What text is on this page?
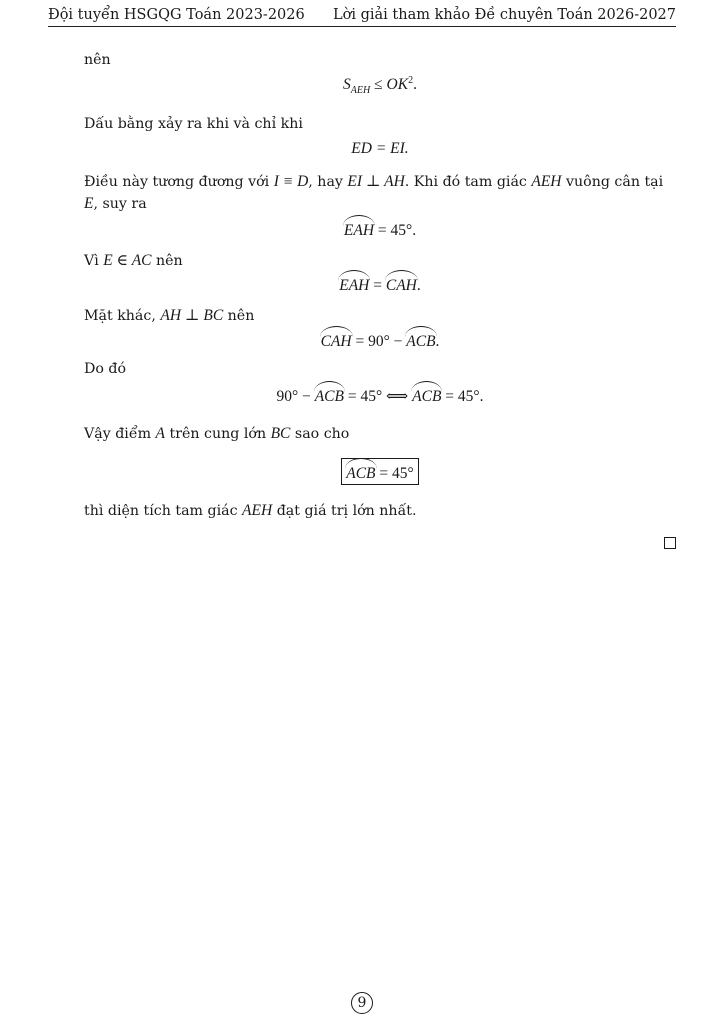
Đội tuyển HSGQG Toán 2023-2026 Lời giải tham khảo Đề chuyên Toán 2026-2027
nên
$S_{AEH} \le OK^2$.
Dấu bằng xảy ra khi và chỉ khi
ED = EI.
Điều này tương đương với I ≡ D, hay EI ⊥ AH. Khi đó tam giác AEH vuông cân tại E, suy ra
EAH = 45°.
Vì E ∈ AC nên
EAH = CAH.
Mặt khác, AH ⊥ BC nên
CAH = 90° − ACB.
Do đó
90° − ACB = 45° ⟺ ACB = 45°.
Vậy điểm A trên cung lớn BC sao cho
ACB = 45°
thì diện tích tam giác AEH đạt giá trị lớn nhất.
9
